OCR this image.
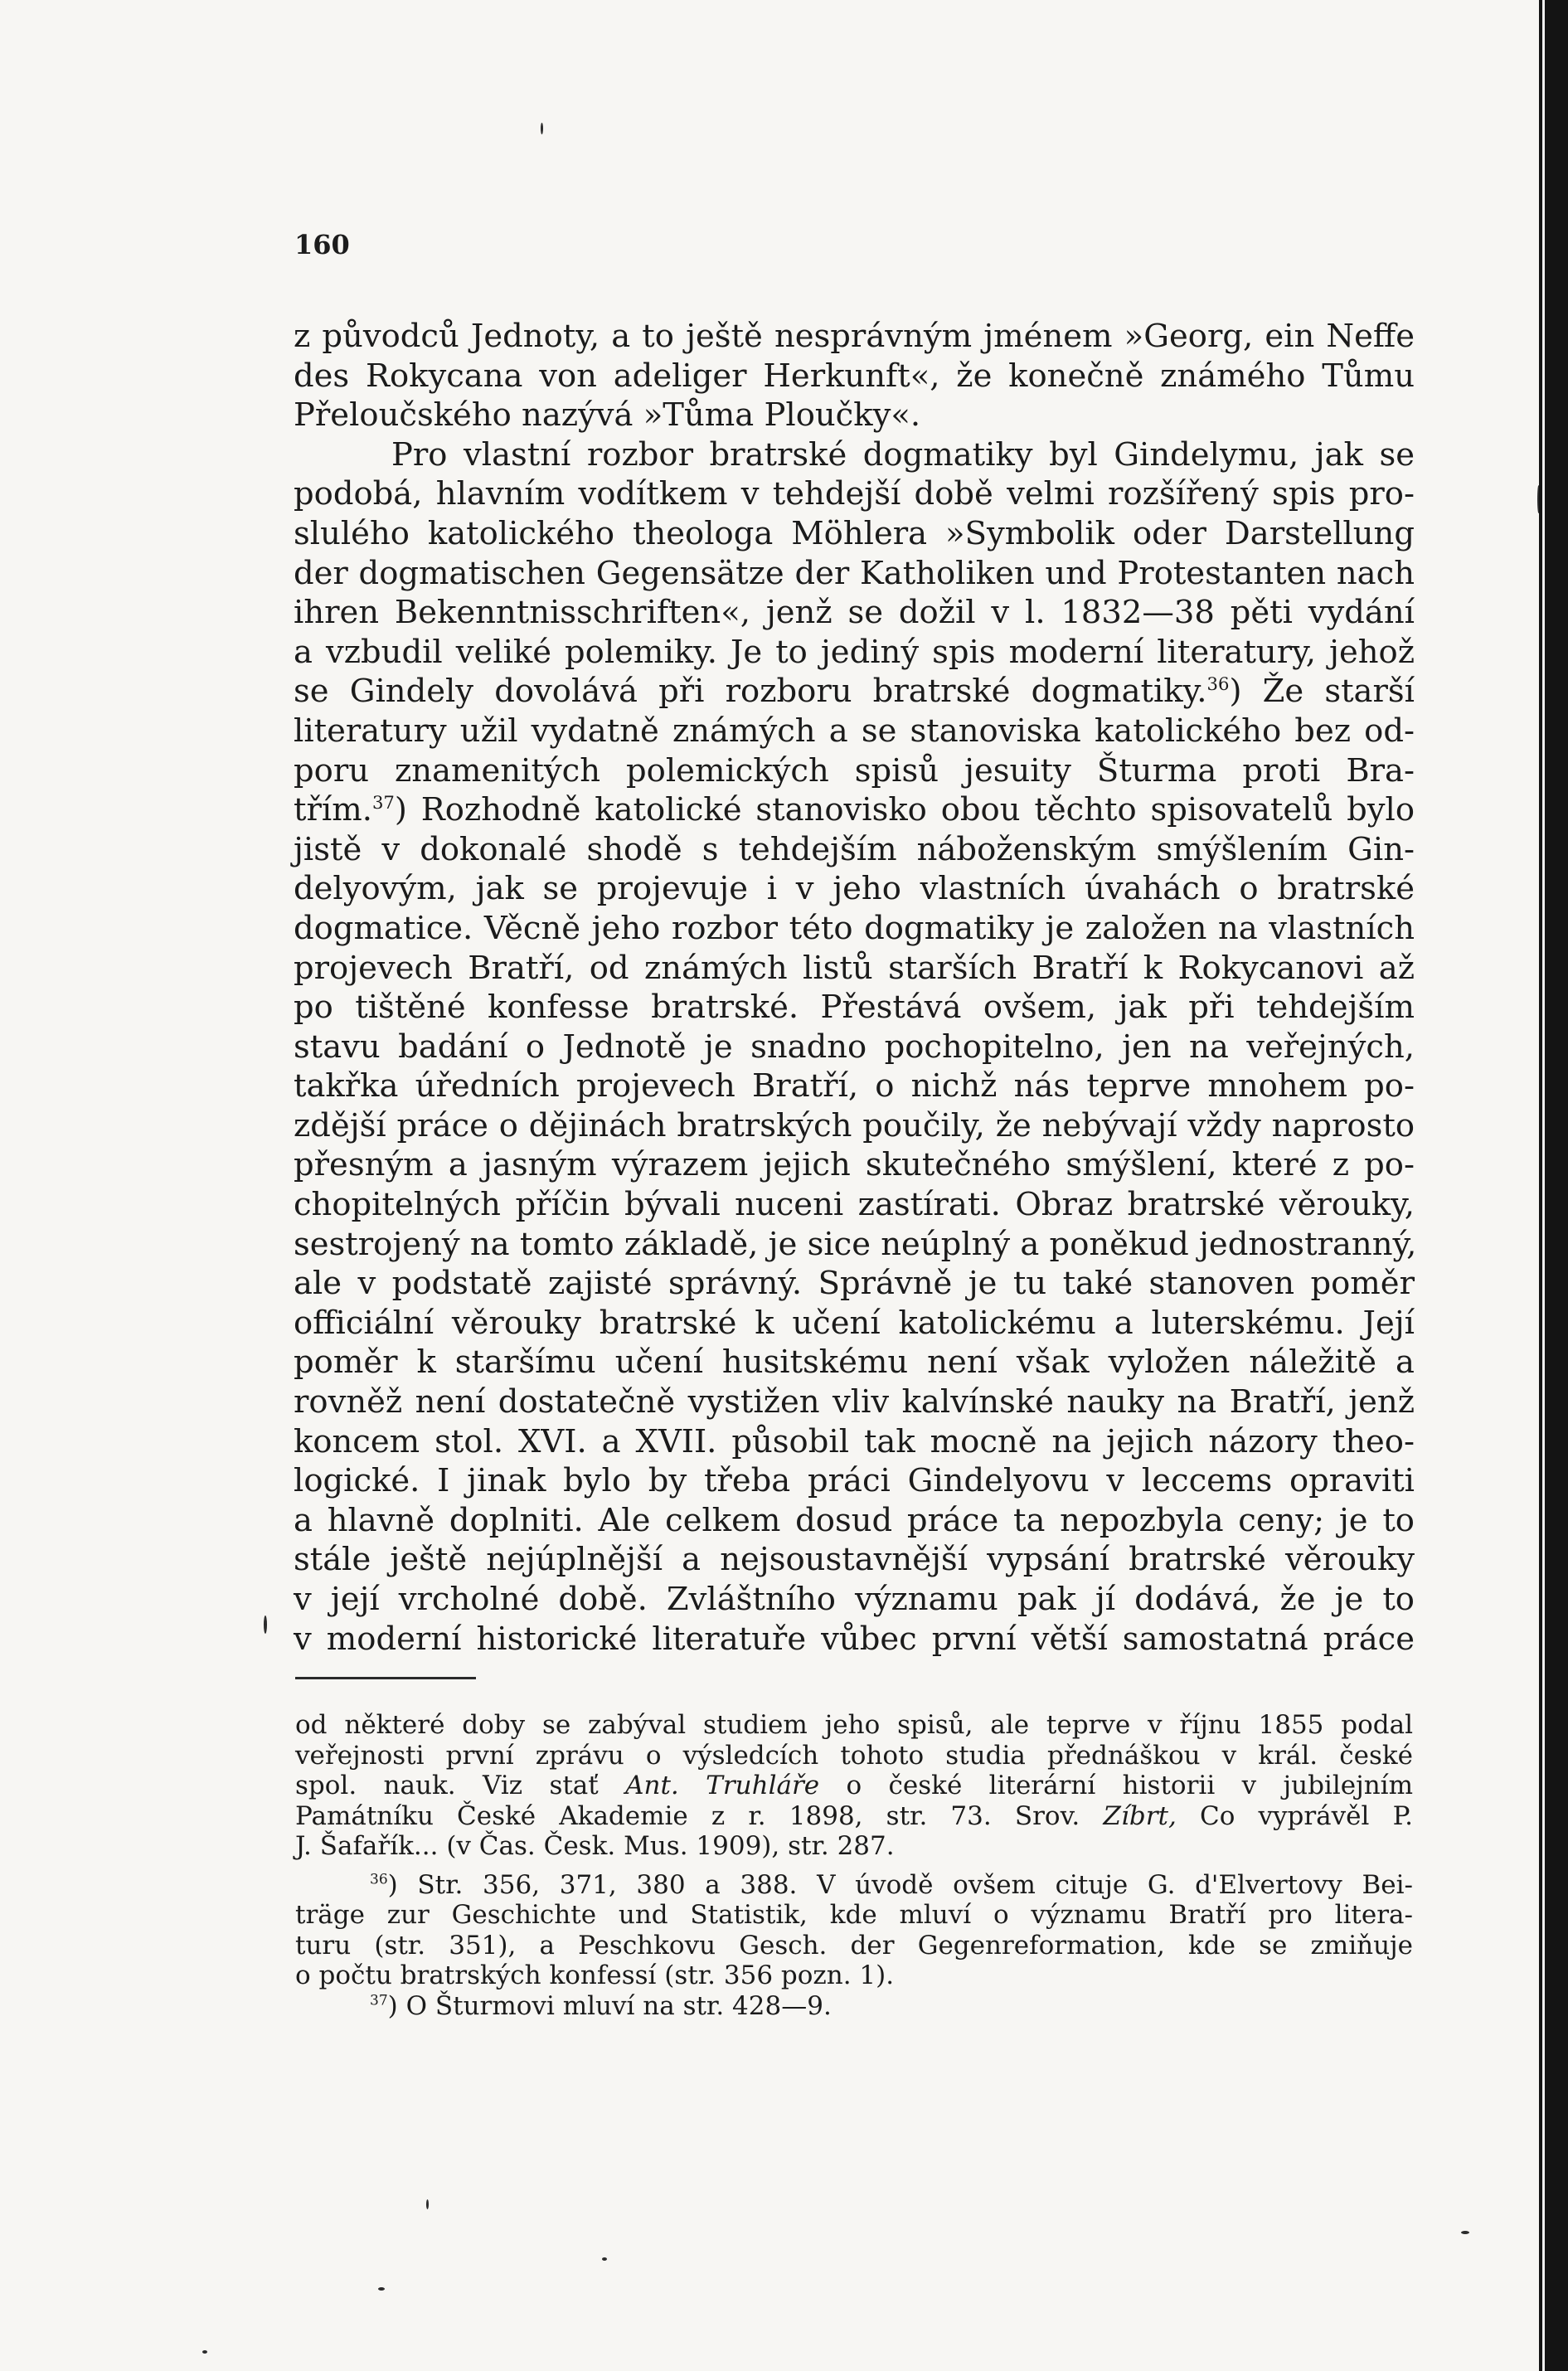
160
z původců Jednoty, a to ještě nesprávným jménem »Georg, ein Neffe
des Rokycana von adeliger Herkunft«, že konečně známého Tůmu
Přeloučského nazývá »Tůma Ploučky«.
Pro vlastní rozbor bratrské dogmatiky byl Gindelymu, jak se
podobá, hlavním vodítkem v tehdejší době velmi rozšířený spis pro-
slulého katolického theologa Möhlera »Symbolik oder Darstellung
der dogmatischen Gegensätze der Katholiken und Protestanten nach
ihren Bekenntnisschriften«, jenž se dožil v l. 1832—38 pěti vydání
a vzbudil veliké polemiky. Je to jediný spis moderní literatury, jehož
se Gindely dovolává při rozboru bratrské dogmatiky.$^{36}$) Že starší
literatury užil vydatně známých a se stanoviska katolického bez od-
poru znamenitých polemických spisů jesuity Šturma proti Bra-
třím.$^{37}$) Rozhodně katolické stanovisko obou těchto spisovatelů bylo
jistě v dokonalé shodě s tehdejším náboženským smýšlením Gin-
delyovým, jak se projevuje i v jeho vlastních úvahách o bratrské
dogmatice. Věcně jeho rozbor této dogmatiky je založen na vlastních
projevech Bratří, od známých listů starších Bratří k Rokycanovi až
po tištěné konfesse bratrské. Přestává ovšem, jak při tehdejším
stavu badání o Jednotě je snadno pochopitelno, jen na veřejných,
takřka úředních projevech Bratří, o nichž nás teprve mnohem po-
zdější práce o dějinách bratrských poučily, že nebývají vždy naprosto
přesným a jasným výrazem jejich skutečného smýšlení, které z po-
chopitelných příčin bývali nuceni zastírati. Obraz bratrské věrouky,
sestrojený na tomto základě, je sice neúplný a poněkud jednostranný,
ale v podstatě zajisté správný. Správně je tu také stanoven poměr
officiální věrouky bratrské k učení katolickému a luterskému. Její
poměr k staršímu učení husitskému není však vyložen náležitě a
rovněž není dostatečně vystižen vliv kalvínské nauky na Bratří, jenž
koncem stol. XVI. a XVII. působil tak mocně na jejich názory theo-
logické. I jinak bylo by třeba práci Gindelyovu v leccems opraviti
a hlavně doplniti. Ale celkem dosud práce ta nepozbyla ceny; je to
stále ještě nejúplnější a nejsoustavnější vypsání bratrské věrouky
v její vrcholné době. Zvláštního významu pak jí dodává, že je to
v moderní historické literatuře vůbec první větší samostatná práce
od některé doby se zabýval studiem jeho spisů, ale teprve v říjnu 1855 podal
veřejnosti první zprávu o výsledcích tohoto studia přednáškou v král. české
spol. nauk. Viz stať Ant. Truhláře o české literární historii v jubilejním
Památníku České Akademie z r. 1898, str. 73. Srov. Zíbrt, Co vyprávěl P.
J. Šafařík... (v Čas. Česk. Mus. 1909), str. 287.
$^{36}$) Str. 356, 371, 380 a 388. V úvodě ovšem cituje G. d'Elvertovy Bei-
träge zur Geschichte und Statistik, kde mluví o významu Bratří pro litera-
turu (str. 351), a Peschkovu Gesch. der Gegenreformation, kde se zmiňuje
o počtu bratrských konfessí (str. 356 pozn. 1).
$^{37}$) O Šturmovi mluví na str. 428—9.
